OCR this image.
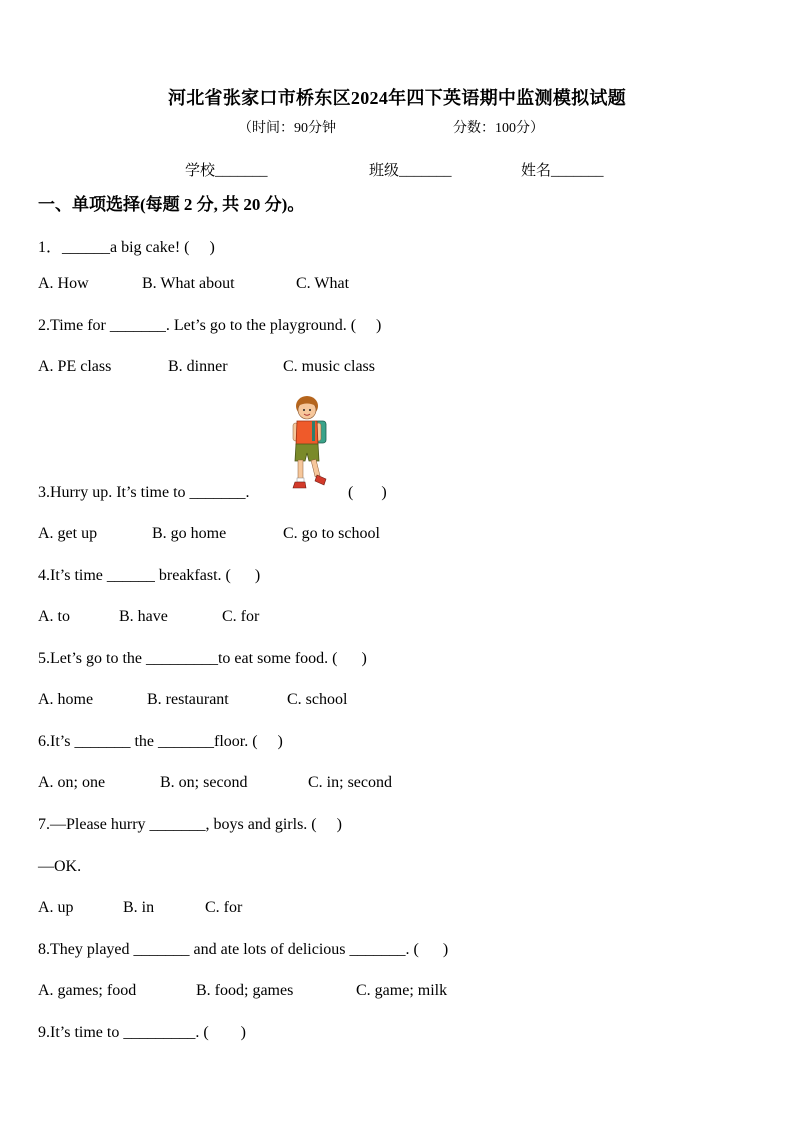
河北省张家口市桥东区2024年四下英语期中监测模拟试题
（时间：90分钟	分数：100分）
学校_______	班级_______	姓名_______
一、单项选择(每题 2 分, 共 20 分)。
1．______a big cake! (     )
A. How	B. What about	C. What
2.Time for _______. Let’s go to the playground. (     )
A. PE class	B. dinner	C. music class
3.Hurry up. It’s time to _______.	(       )
A. get up	B. go home	C. go to school
4.It’s time ______ breakfast. (      )
A. to	B. have	C. for
5.Let’s go to the _________to eat some food. (      )
A. home	B. restaurant	C. school
6.It’s _______ the _______floor. (     )
A. on; one	B. on; second	C. in; second
7.—Please hurry _______, boys and girls. (     )
—OK.
A. up	B. in	C. for
8.They played _______ and ate lots of delicious _______. (      )
A. games; food	B. food; games	C. game; milk
9.It’s time to _________. (        )
